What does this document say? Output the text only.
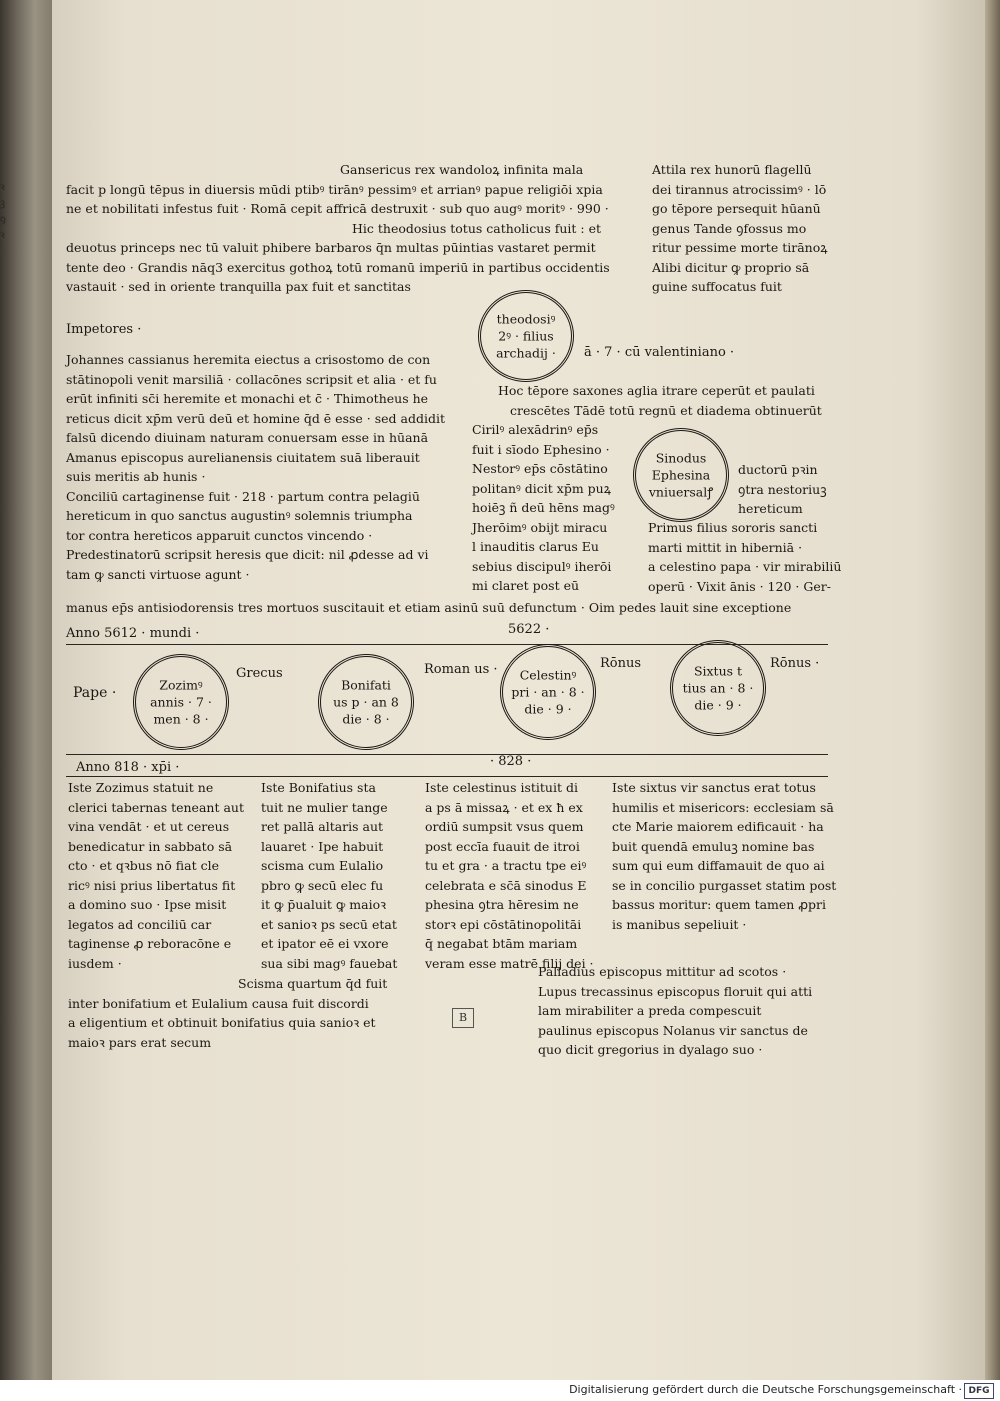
ꝛ
ꝫ
ꝯ
ꝛ
Attila rex hunorū flagellū
dei tirannus atrocissimꝰ · lō
go tēpore persequit hūanū
genus Tande ꝯfossus mo
ritur pessime morte tirānoꝝ
Alibi dicitur ꝙ proprio sā
guine suffocatus fuit
Gansericus rex wandoloꝝ infinita mala
facit p longū tēpus in diuersis mūdi ptibꝰ tirānꝰ pessimꝰ et arrianꝰ papue religiōi xpia
ne et nobilitati infestus fuit · Romā cepit affricā destruxit · sub quo augꝰ moritꝰ · 990 ·
Hic theodosius totus catholicus fuit : et
deuotus princeps nec tū valuit phibere barbaros q̄n multas pūintias vastaret permit
tente deo · Grandis nāq3 exercitus gothoꝝ totū romanū imperiū in partibus occidentis
vastauit · sed in oriente tranquilla pax fuit et sanctitas
Impetores ·
theodosiꝰ
2ꝰ · filius
archadij ·	ā · 7 · cū valentiniano ·
Johannes cassianus heremita eiectus a crisostomo de con
stātinopoli venit marsiliā · collacōnes scripsit et alia · et fu
erūt infiniti sc̄i heremite et monachi et c̄ · Thimotheus he
reticus dicit xp̄m verū deū et homine q̄d ē esse · sed addidit
falsū dicendo diuinam naturam conuersam esse in hūanā
Amanus episcopus aurelianensis ciuitatem suā liberauit
suis meritis ab hunis ·
Conciliū cartaginense fuit · 218 · partum contra pelagiū
hereticum in quo sanctus augustinꝰ solemnis triumpha
tor contra hereticos apparuit cunctos vincendo ·
Predestinatorū scripsit heresis que dicit: nil ꝓdesse ad vi
tam ꝙ sancti virtuose agunt ·
Hoc tēpore saxones aglia itrare ceperūt et paulati
crescētes Tādē totū regnū et diadema obtinuerūt
Cirilꝰ alexādrinꝰ ep̄s
fuit i sīodo Ephesino ·
Nestorꝰ ep̄s cōstātino
politanꝰ dicit xp̄m puꝝ
hoiēꝫ ñ deū hēns magꝰ
Jherōimꝰ obijt miracu
l inauditis clarus Eu
sebius discipulꝰ iherōi
mi claret post eū
Sinodus
Ephesina
vniuersalꝭ
ductorū pꝛin
ꝯtra nestoriuꝫ
hereticum
Primus filius sororis sancti
marti mittit in hiberniā ·
a celestino papa · vir mirabiliū
operū · Vixit ānis · 120 · Ger-
manus ep̄s antisiodorensis tres mortuos suscitauit et etiam asinū suū defunctum · Oim pedes lauit sine exceptione
Anno 5612 · mundi ·	5622 ·
Pape ·	Zozimꝰ
annis · 7 ·
men · 8 ·
Grecus
Bonifati
us p · an 8
die · 8 ·
Roman us ·	Celestinꝰ
pri · an · 8 ·
die · 9 ·
Rōnus	Sixtus t
tius an · 8 ·
die · 9 ·
Rōnus ·
Anno 818 · xp̄i ·	· 828 ·
Iste Zozimus statuit ne
clerici tabernas teneant aut
vina vendāt · et ut cereus
benedicatur in sabbato sā
cto · et qꝛbus nō fiat cle
ricꝰ nisi prius libertatus fit
a domino suo · Ipse misit
legatos ad conciliū car
taginense ꝓ reboracōne e
iusdem ·
Iste Bonifatius sta
tuit ne mulier tange
ret pallā altaris aut
lauaret · Ipe habuit
scisma cum Eulalio
pbro ꝙ secū elec fu
it ꝙ p̄ualuit ꝙ maioꝛ
et sanioꝛ ps secū etat
et ipator eē ei vxore
sua sibi magꝰ fauebat
Iste celestinus istituit di
a ps ā missaꝝ · et ex ħ ex
ordiū sumpsit vsus quem
post eccīa fuauit de itroi
tu et gra · a tractu tpe eiꝰ
celebrata e sc̄ā sinodus E
phesina ꝯtra hēresim ne
storꝛ epi cōstātinopolitāi
q̄ negabat btām mariam
veram esse matrē filij dei ·
Iste sixtus vir sanctus erat totus
humilis et misericors: ecclesiam sā
cte Marie maiorem edificauit · ha
buit quendā emuluꝫ nomine bas
sum qui eum diffamauit de quo ai
se in concilio purgasset statim post
bassus moritur: quem tamen ꝓpri
is manibus sepeliuit ·
Scisma quartum q̄d fuit
inter bonifatium et Eulalium causa fuit discordi
a eligentium et obtinuit bonifatius quia sanioꝛ et
maioꝛ pars erat secum
B
Palladius episcopus mittitur ad scotos ·
Lupus trecassinus episcopus floruit qui atti
lam mirabiliter a preda compescuit
paulinus episcopus Nolanus vir sanctus de
quo dicit gregorius in dyalago suo ·
Digitalisierung gefördert durch die Deutsche Forschungsgemeinschaft · DFG
